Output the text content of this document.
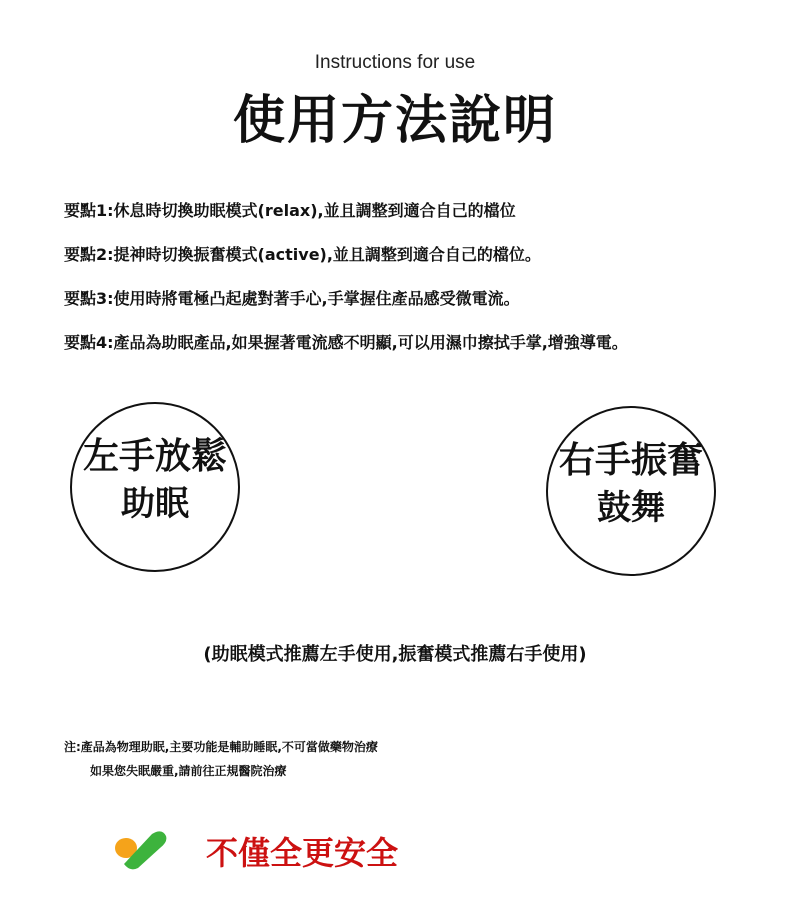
Instructions for use
使用方法說明
要點1:休息時切換助眠模式(relax),並且調整到適合自己的檔位
要點2:提神時切換振奮模式(active),並且調整到適合自己的檔位。
要點3:使用時將電極凸起處對著手心,手掌握住產品感受微電流。
要點4:產品為助眠產品,如果握著電流感不明顯,可以用濕巾擦拭手掌,增強導電。
左手放鬆
助眠
右手振奮
鼓舞
(助眠模式推薦左手使用,振奮模式推薦右手使用)
注:產品為物理助眠,主要功能是輔助睡眠,不可當做藥物治療
如果您失眠嚴重,請前往正規醫院治療
不僅全更安全
